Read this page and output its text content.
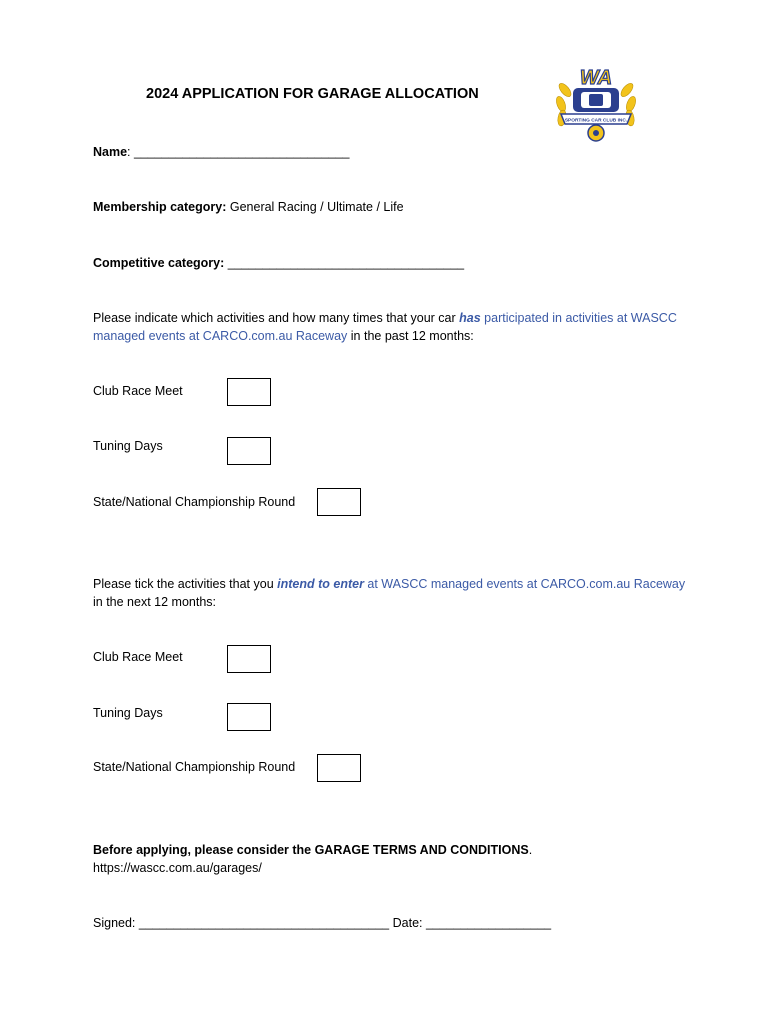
2024 APPLICATION FOR GARAGE ALLOCATION
SPORTING CAR CLUB INC.
WA
Name: _______________________________
Membership category: General Racing / Ultimate / Life
Competitive category: __________________________________
Please indicate which activities and how many times that your car has participated in activities at WASCC
managed events at CARCO.com.au Raceway in the past 12 months:
Club Race Meet
Tuning Days
State/National Championship Round
Please tick the activities that you intend to enter at WASCC managed events at CARCO.com.au Raceway
in the next 12 months:
Club Race Meet
Tuning Days
State/National Championship Round
Before applying, please consider the GARAGE TERMS AND CONDITIONS.
https://wascc.com.au/garages/
Signed: ____________________________________ Date: __________________
